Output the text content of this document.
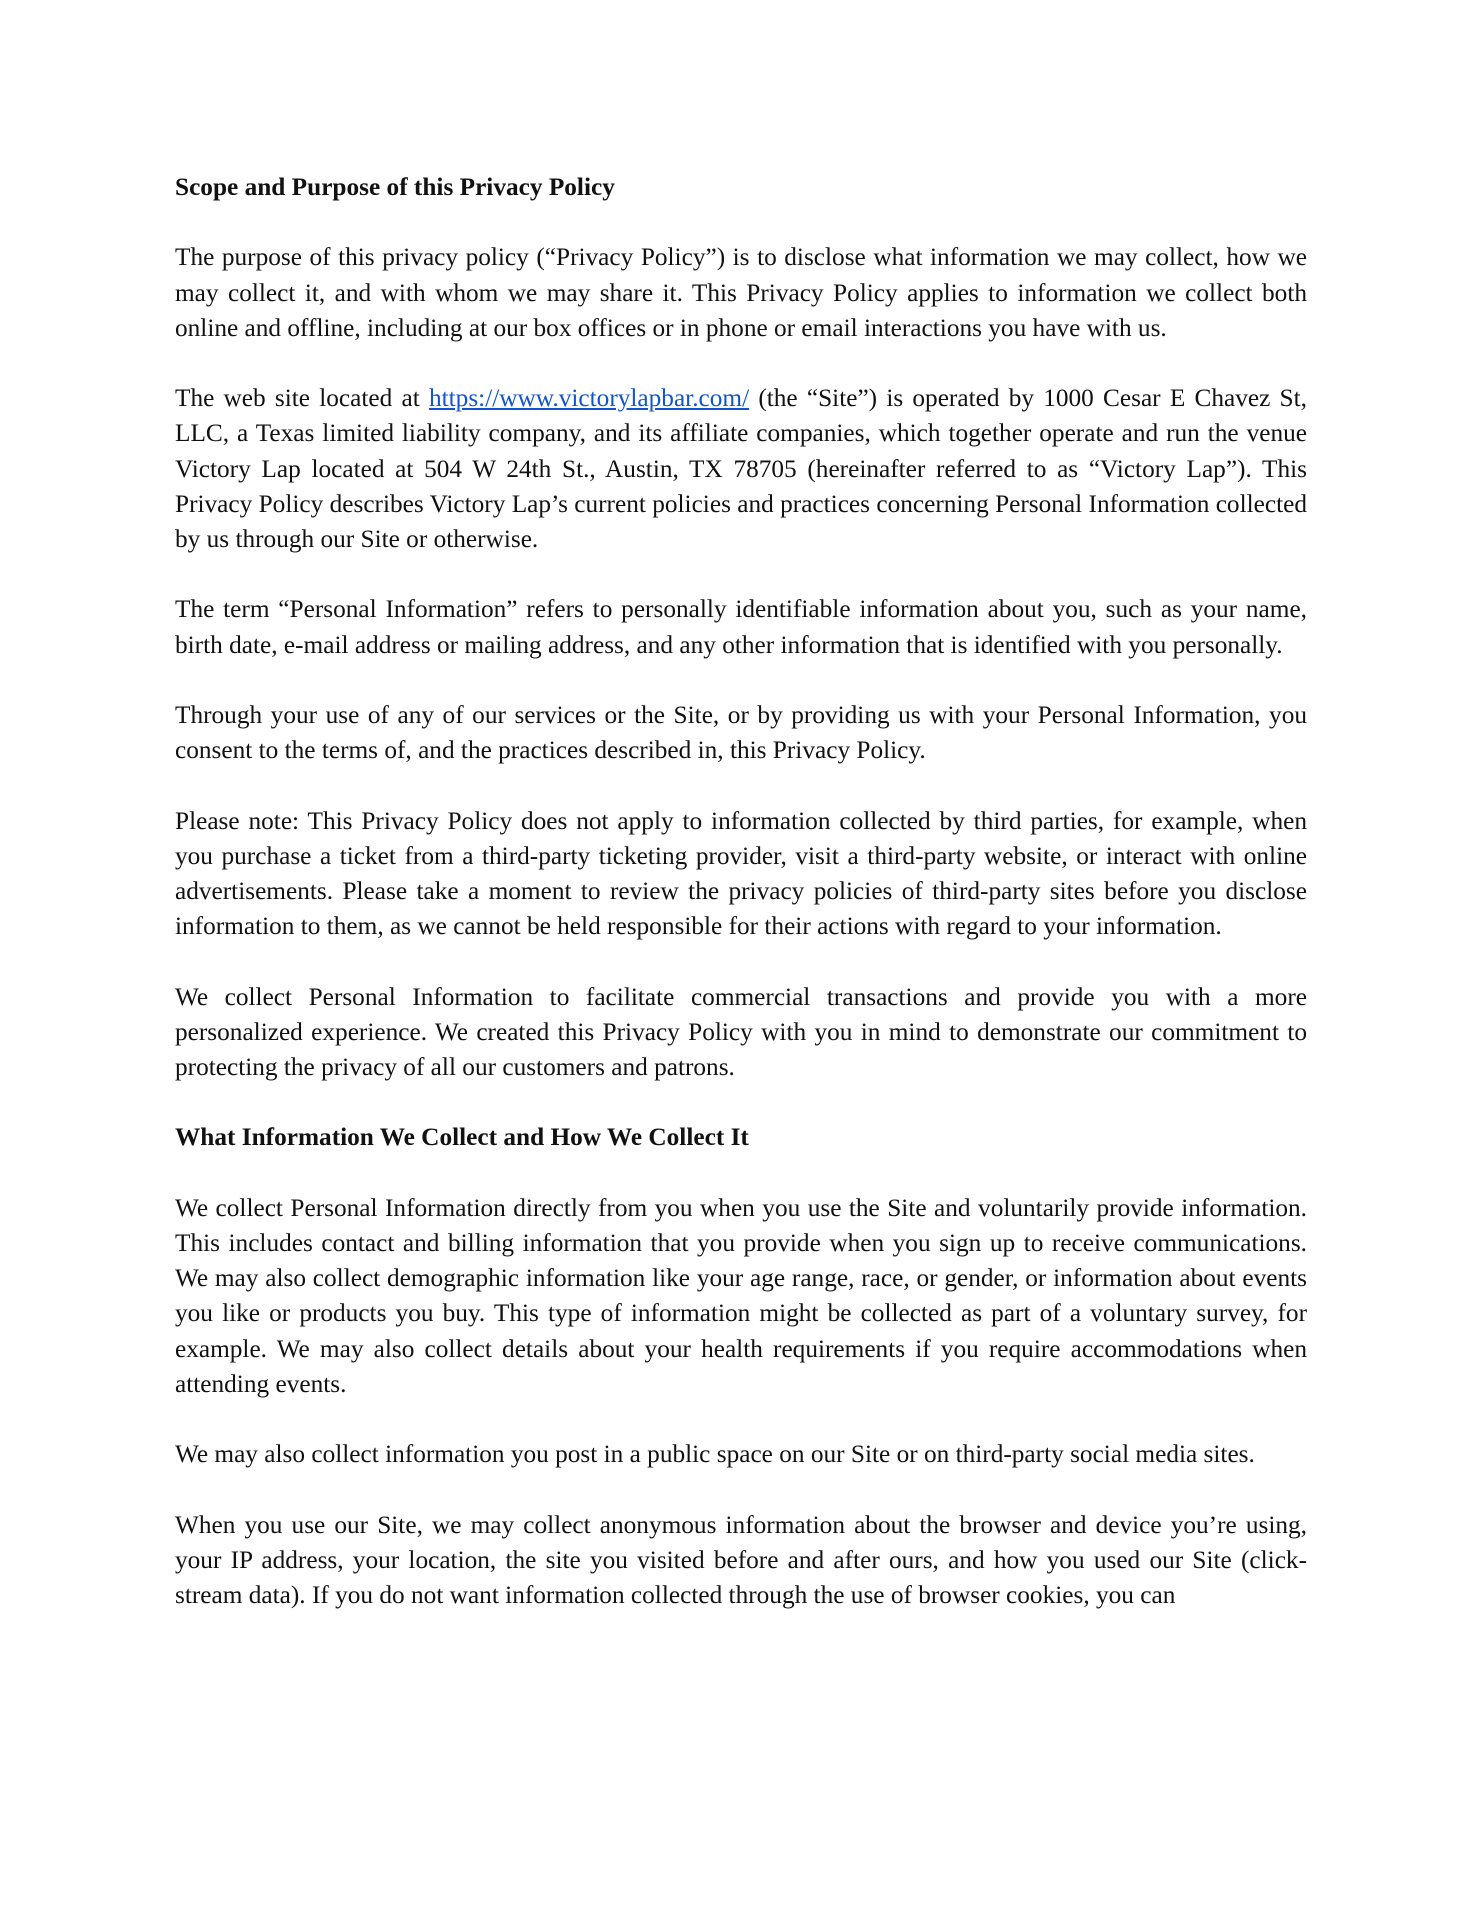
Scope and Purpose of this Privacy Policy

The purpose of this privacy policy (“Privacy Policy”) is to disclose what information we may collect, how we may collect it, and with whom we may share it. This Privacy Policy applies to information we collect both online and offline, including at our box offices or in phone or email interactions you have with us.

The web site located at https://www.victorylapbar.com/ (the “Site”) is operated by 1000 Cesar E Chavez St, LLC, a Texas limited liability company, and its affiliate companies, which together operate and run the venue Victory Lap located at 504 W 24th St., Austin, TX 78705 (hereinafter referred to as “Victory Lap”). This Privacy Policy describes Victory Lap’s current policies and practices concerning Personal Information collected by us through our Site or otherwise.

The term “Personal Information” refers to personally identifiable information about you, such as your name, birth date, e-mail address or mailing address, and any other information that is identified with you personally.

Through your use of any of our services or the Site, or by providing us with your Personal Information, you consent to the terms of, and the practices described in, this Privacy Policy.

Please note: This Privacy Policy does not apply to information collected by third parties, for example, when you purchase a ticket from a third-party ticketing provider, visit a third-party website, or interact with online advertisements. Please take a moment to review the privacy policies of third-party sites before you disclose information to them, as we cannot be held responsible for their actions with regard to your information.

We collect Personal Information to facilitate commercial transactions and provide you with a more personalized experience. We created this Privacy Policy with you in mind to demonstrate our commitment to protecting the privacy of all our customers and patrons.

What Information We Collect and How We Collect It

We collect Personal Information directly from you when you use the Site and voluntarily provide information. This includes contact and billing information that you provide when you sign up to receive communications. We may also collect demographic information like your age range, race, or gender, or information about events you like or products you buy. This type of information might be collected as part of a voluntary survey, for example. We may also collect details about your health requirements if you require accommodations when attending events.

We may also collect information you post in a public space on our Site or on third-party social media sites.

When you use our Site, we may collect anonymous information about the browser and device you’re using, your IP address, your location, the site you visited before and after ours, and how you used our Site (click-stream data). If you do not want information collected through the use of browser cookies, you can
